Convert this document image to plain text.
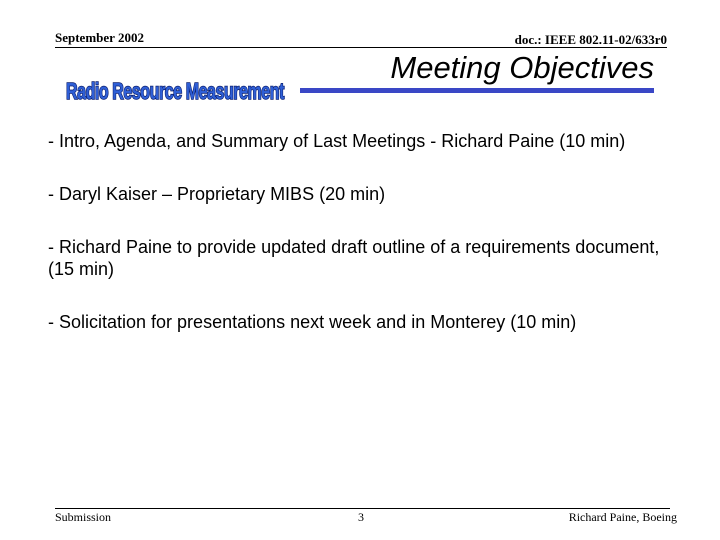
September 2002	doc.: IEEE 802.11-02/633r0
Radio Resource Measurement
Meeting Objectives
- Intro, Agenda, and Summary of Last Meetings - Richard Paine (10 min)
- Daryl Kaiser – Proprietary MIBS (20 min)
- Richard Paine to provide updated draft outline of a requirements document, (15 min)
- Solicitation for presentations next week and in Monterey (10 min)
Submission	3	Richard Paine, Boeing
